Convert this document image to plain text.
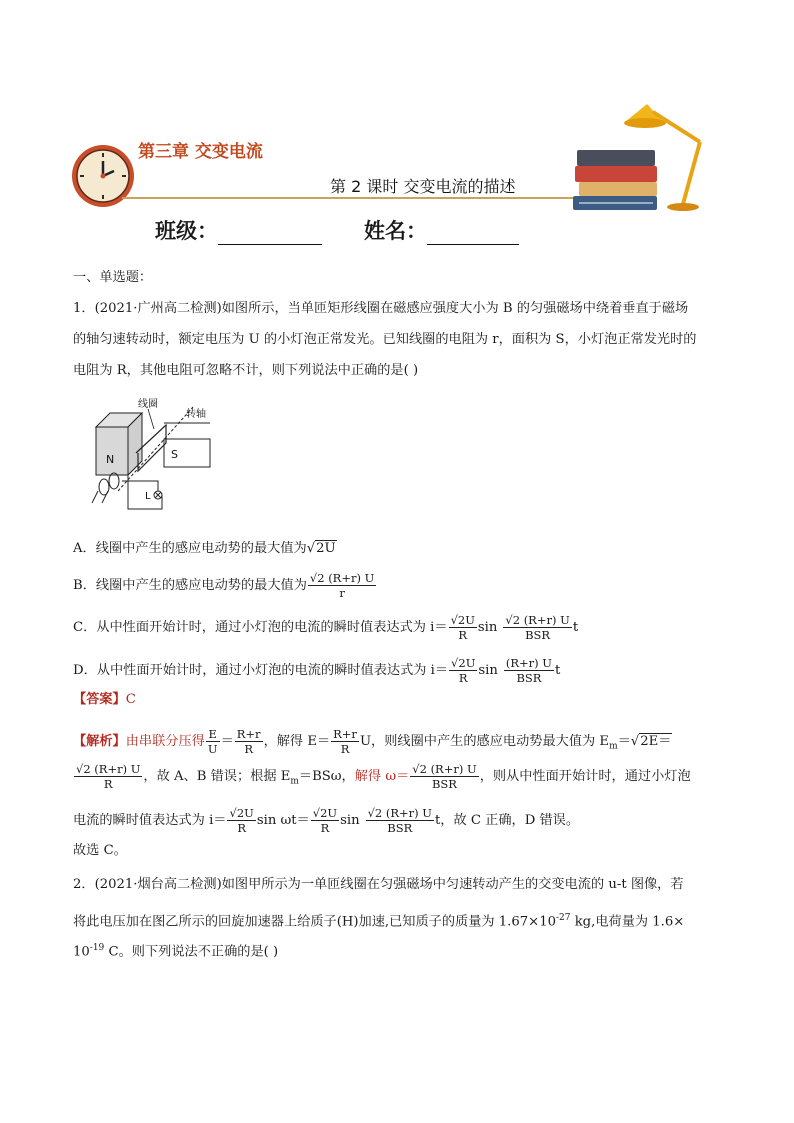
第三章 交变电流
第 2 课时 交变电流的描述
班级：	姓名：
一、单选题：
1．(2021·广州高二检测)如图所示，当单匝矩形线圈在磁感应强度大小为 B 的匀强磁场中绕着垂直于磁场
的轴匀速转动时，额定电压为 U 的小灯泡正常发光。已知线圈的电阻为 r，面积为 S，小灯泡正常发光时的
电阻为 R，其他电阻可忽略不计，则下列说法中正确的是( )
N	S
线圈
转轴
L
A．线圈中产生的感应电动势的最大值为√2U
B．线圈中产生的感应电动势的最大值为 $\frac{√2 (R+r) U}{r}$
C．从中性面开始计时，通过小灯泡的电流的瞬时值表达式为 $i= \frac{√2U}{R}$ $\sin \frac{√2 (R+r) U}{\text{BSR}}$ t
D．从中性面开始计时，通过小灯泡的电流的瞬时值表达式为 $i= \frac{√2U}{R}$ $\sin \frac{(R+r) U}{\text{BSR}}$ t
【答案】C
【解析】由串联分压得 $\frac{E}{U} = \frac{R+r}{R}$ ，解得 $E= \frac{R+r}{R}$ U，则线圈中产生的感应电动势最大值为 $E_m=√2E=$
$\frac{√2 (R+r) U}{R}$ ，故 A、B 错误；根据 $E_m=BS\omega$，解得 $\omega= \frac{√2 (R+r) U}{\text{BSR}}$ ，则从中性面开始计时，通过小灯泡
电流的瞬时值表达式为 $i= \frac{√2U}{R}$ $\sin \omega t= \frac{√2U}{R}$ $\sin \frac{√2 (R+r) U}{\text{BSR}}$ t，故 C 正确，D 错误。
故选 C。
2．(2021·烟台高二检测)如图甲所示为一单匝线圈在匀强磁场中匀速转动产生的交变电流的 u-t 图像，若
将此电压加在图乙所示的回旋加速器上给质子(H)加速,已知质子的质量为 $1.67\times 10^{-27}$ kg,电荷量为 1.6×
$10^{-19}$ C。则下列说法不正确的是( )
